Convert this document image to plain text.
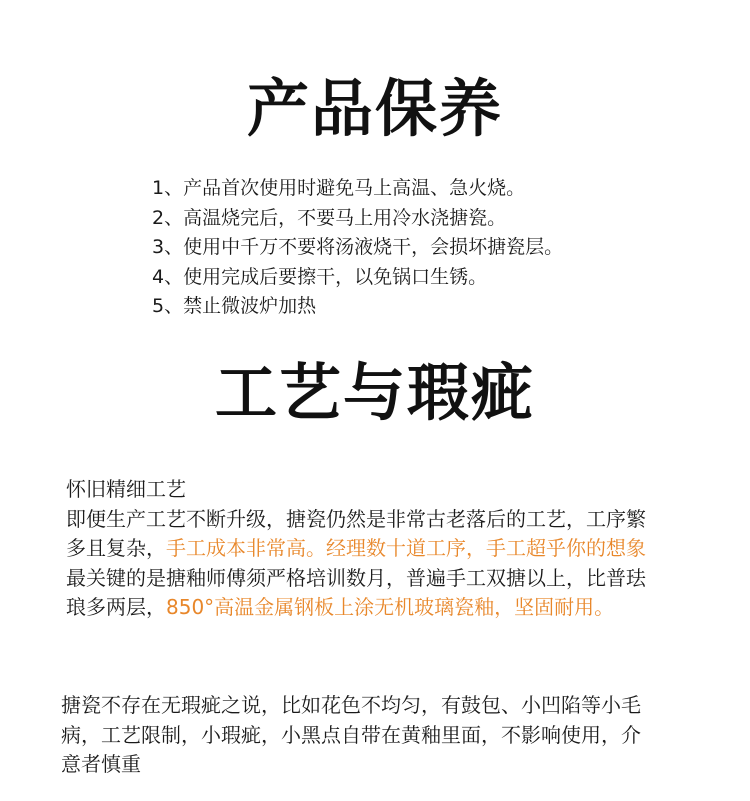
产品保养
1、产品首次使用时避免马上高温、急火烧。
2、高温烧完后，不要马上用冷水浇搪瓷。
3、使用中千万不要将汤液烧干，会损坏搪瓷层。
4、使用完成后要擦干，以免锅口生锈。
5、禁止微波炉加热
工艺与瑕疵
怀旧精细工艺
即便生产工艺不断升级，搪瓷仍然是非常古老落后的工艺，工序繁
多且复杂，手工成本非常高。经理数十道工序，手工超乎你的想象
最关键的是搪釉师傅须严格培训数月，普遍手工双搪以上，比普珐
琅多两层，850°高温金属钢板上涂无机玻璃瓷釉，坚固耐用。
搪瓷不存在无瑕疵之说，比如花色不均匀，有鼓包、小凹陷等小毛
病，工艺限制，小瑕疵，小黑点自带在黄釉里面，不影响使用，介
意者慎重
